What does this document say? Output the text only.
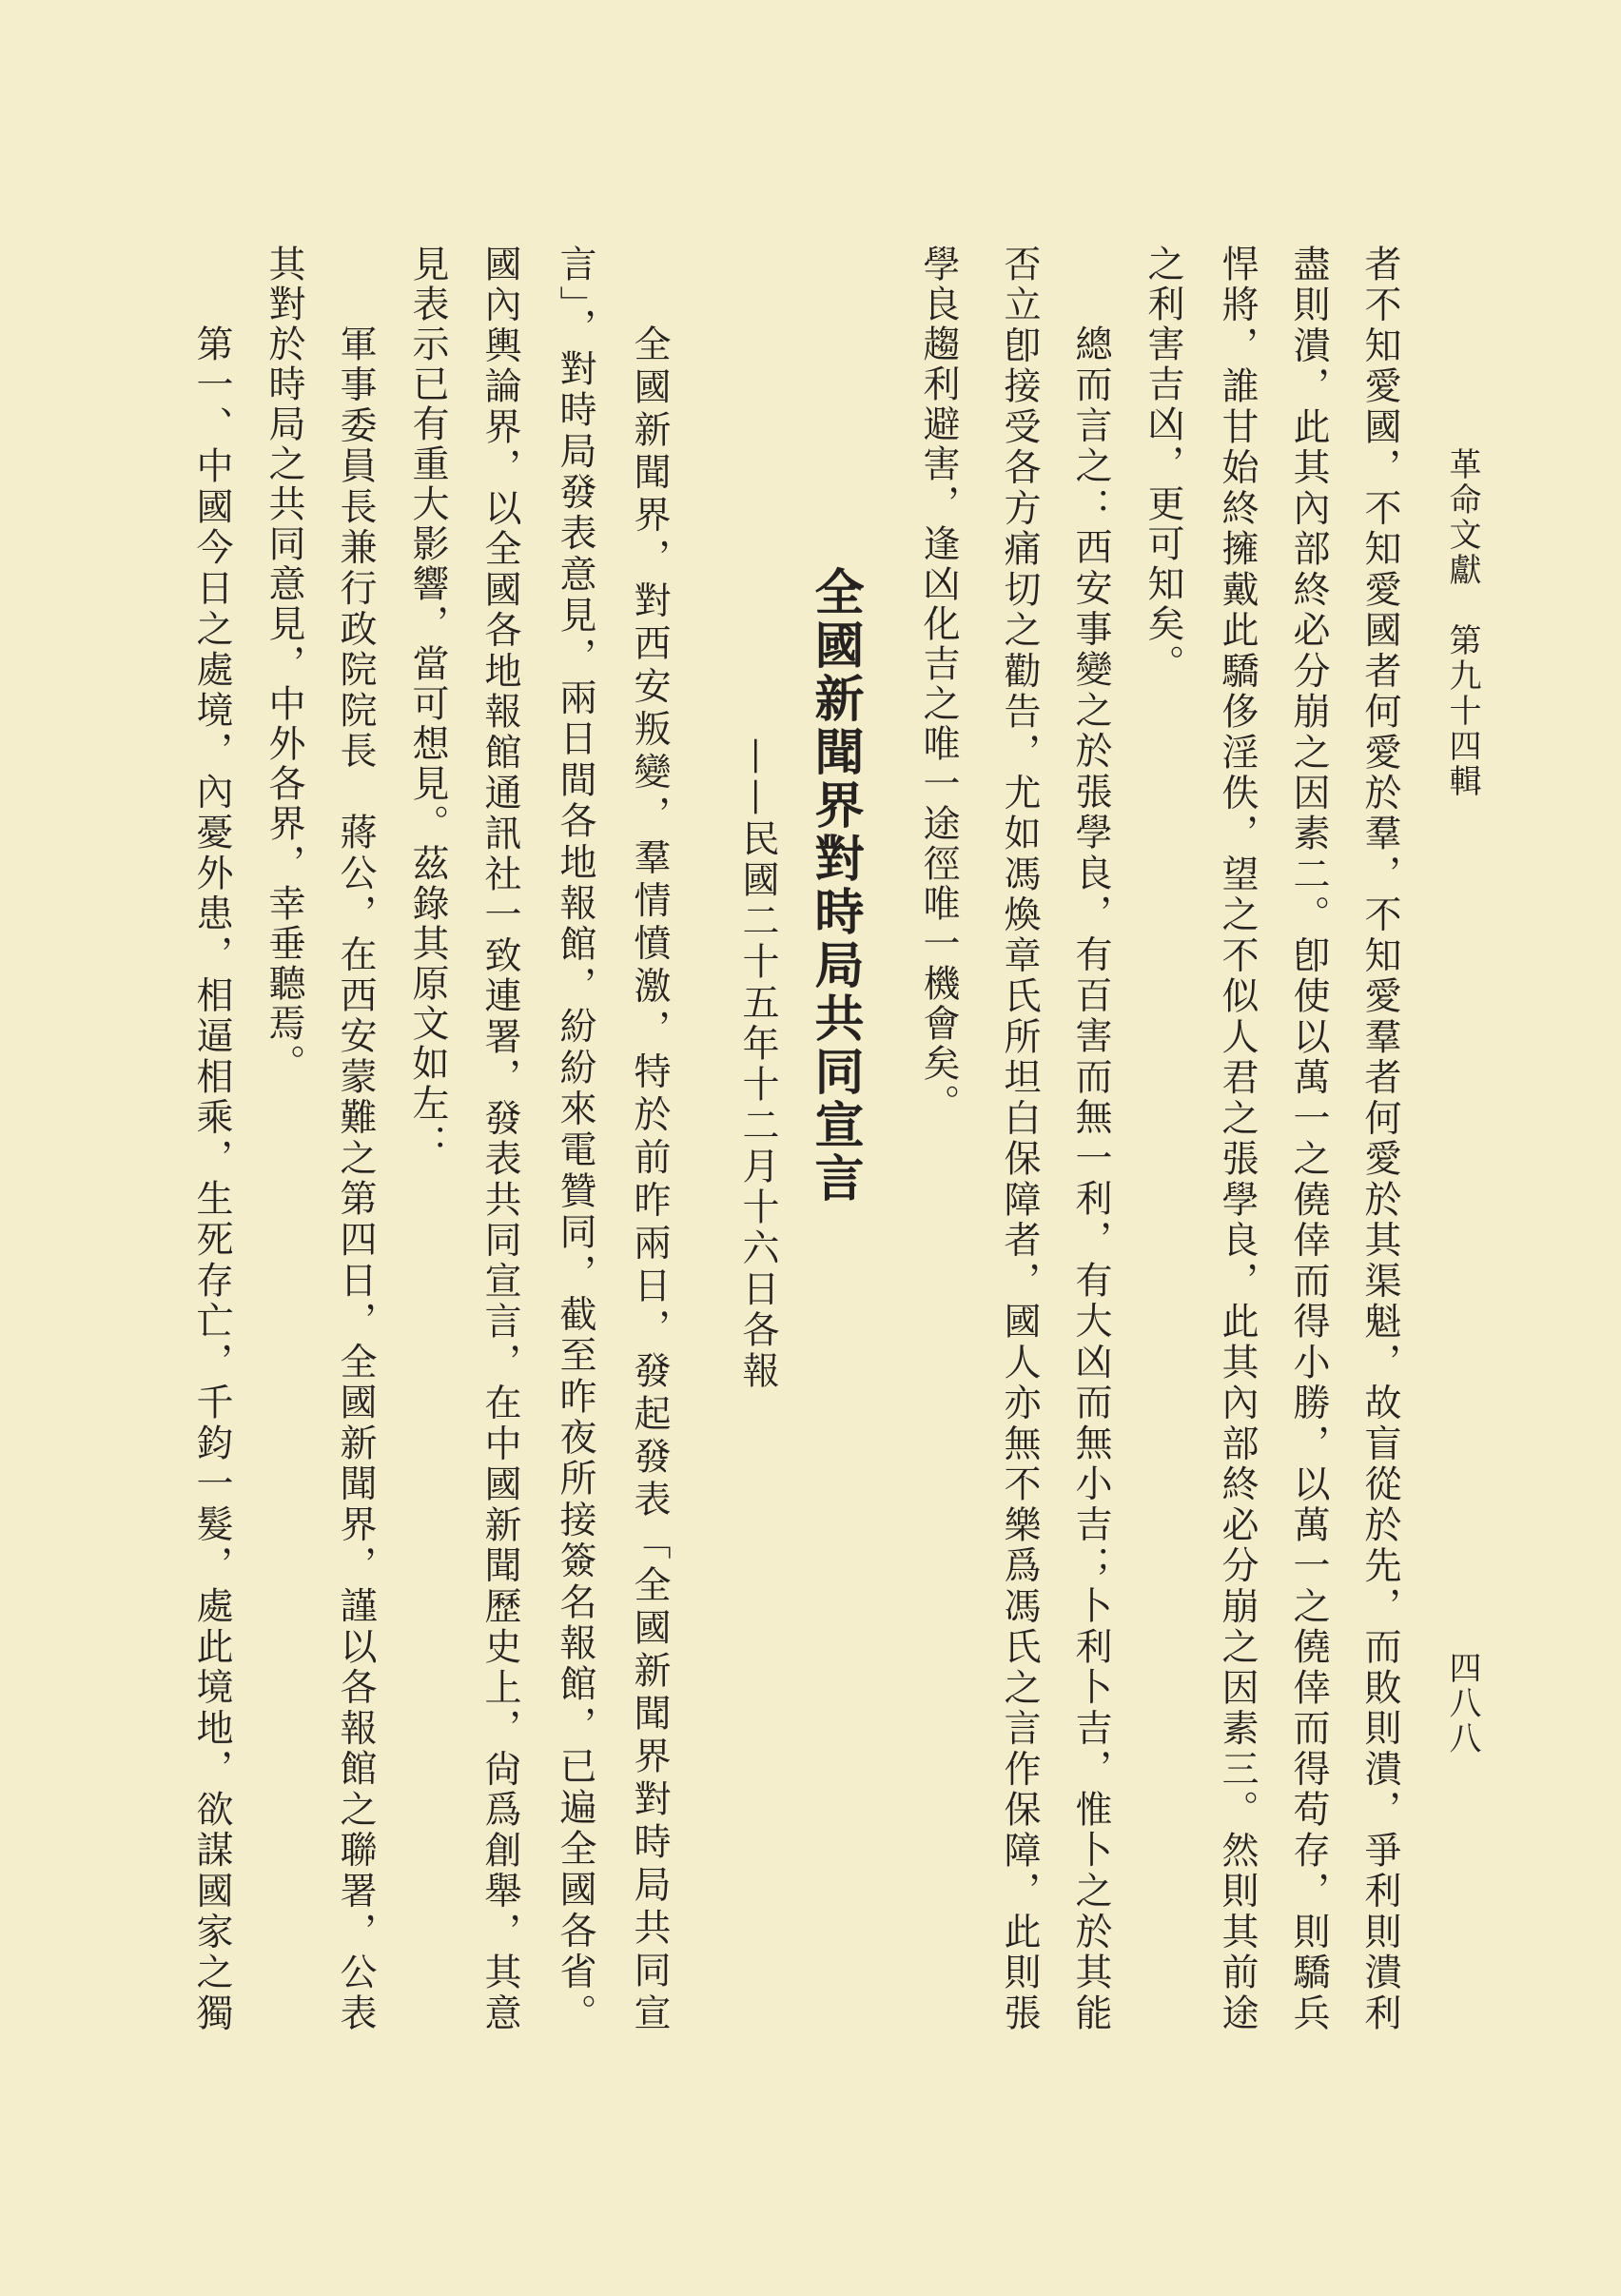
革命文獻　第九十四輯
四八八
者不知愛國，不知愛國者何愛於羣，不知愛羣者何愛於其渠魁，故盲從於先，而敗則潰，爭利則潰利
盡則潰，此其內部終必分崩之因素二。卽使以萬一之僥倖而得小勝，以萬一之僥倖而得苟存，則驕兵
悍將，誰甘始終擁戴此驕侈淫佚，望之不似人君之張學良，此其內部終必分崩之因素三。然則其前途
之利害吉凶，更可知矣。
總而言之：西安事變之於張學良，有百害而無一利，有大凶而無小吉；卜利卜吉，惟卜之於其能
否立卽接受各方痛切之勸告，尤如馮煥章氏所坦白保障者，國人亦無不樂爲馮氏之言作保障，此則張
學良趨利避害，逢凶化吉之唯一途徑唯一機會矣。
全國新聞界對時局共同宣言
——民國二十五年十二月十六日各報
全國新聞界，對西安叛變，羣情憤激，特於前昨兩日，發起發表「全國新聞界對時局共同宣
言」，對時局發表意見，兩日間各地報館，紛紛來電贊同，截至昨夜所接簽名報館，已遍全國各省。
國內輿論界，以全國各地報館通訊社一致連署，發表共同宣言，在中國新聞歷史上，尙爲創舉，其意
見表示已有重大影響，當可想見。茲錄其原文如左：
軍事委員長兼行政院院長　蔣公，在西安蒙難之第四日，全國新聞界，謹以各報館之聯署，公表
其對於時局之共同意見，中外各界，幸垂聽焉。
第一、中國今日之處境，內憂外患，相逼相乘，生死存亡，千鈞一髮，處此境地，欲謀國家之獨
